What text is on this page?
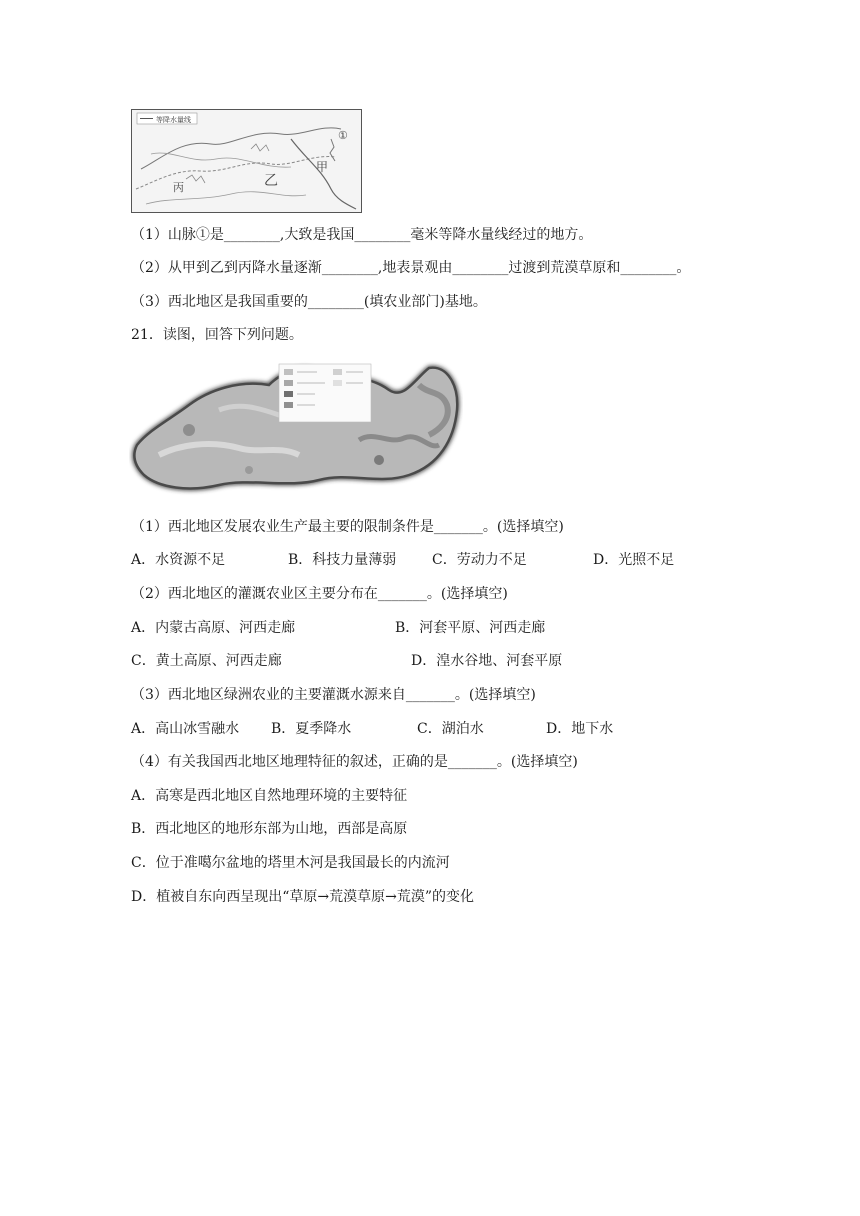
等降水量线
丙	乙
甲
①
（1）山脉①是________,大致是我国________毫米等降水量线经过的地方。
（2）从甲到乙到丙降水量逐渐________,地表景观由________过渡到荒漠草原和________。
（3）西北地区是我国重要的________(填农业部门)基地。
21．读图，回答下列问题。
（1）西北地区发展农业生产最主要的限制条件是_______。(选择填空)
A．水资源不足	B．科技力量薄弱	C．劳动力不足	D．光照不足
（2）西北地区的灌溉农业区主要分布在_______。(选择填空)
A．内蒙古高原、河西走廊	B．河套平原、河西走廊
C．黄土高原、河西走廊	D．湟水谷地、河套平原
（3）西北地区绿洲农业的主要灌溉水源来自_______。(选择填空)
A．高山冰雪融水 B．夏季降水	C．湖泊水	D．地下水
（4）有关我国西北地区地理特征的叙述，正确的是_______。(选择填空)
A．高寒是西北地区自然地理环境的主要特征
B．西北地区的地形东部为山地，西部是高原
C．位于准噶尔盆地的塔里木河是我国最长的内流河
D．植被自东向西呈现出“草原→荒漠草原→荒漠”的变化
